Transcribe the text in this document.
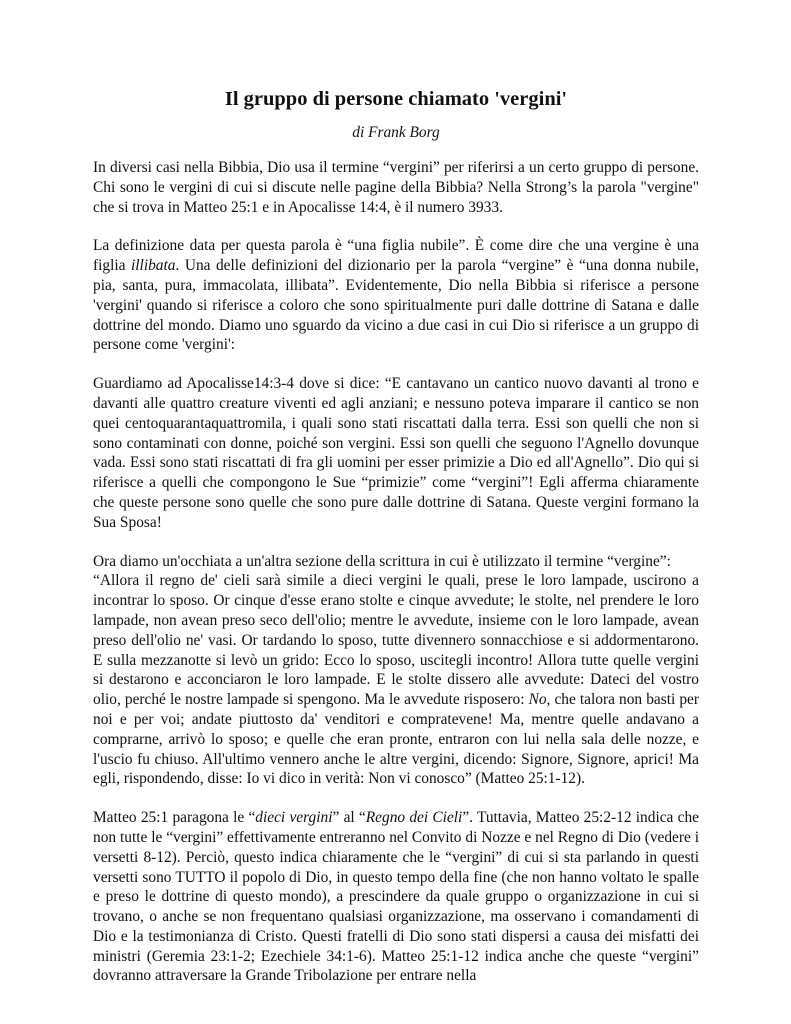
Il gruppo di persone chiamato 'vergini'
di Frank Borg

In diversi casi nella Bibbia, Dio usa il termine “vergini” per riferirsi a un certo gruppo di persone. Chi sono le vergini di cui si discute nelle pagine della Bibbia? Nella Strong’s la parola "vergine" che si trova in Matteo 25:1 e in Apocalisse 14:4, è il numero 3933.

La definizione data per questa parola è “una figlia nubile”. È come dire che una vergine è una figlia illibata. Una delle definizioni del dizionario per la parola “vergine” è “una donna nubile, pia, santa, pura, immacolata, illibata”. Evidentemente, Dio nella Bibbia si riferisce a persone 'vergini' quando si riferisce a coloro che sono spiritualmente puri dalle dottrine di Satana e dalle dottrine del mondo. Diamo uno sguardo da vicino a due casi in cui Dio si riferisce a un gruppo di persone come 'vergini':

Guardiamo ad Apocalisse14:3-4 dove si dice: “E cantavano un cantico nuovo davanti al trono e davanti alle quattro creature viventi ed agli anziani; e nessuno poteva imparare il cantico se non quei centoquarantaquattromila, i quali sono stati riscattati dalla terra. Essi son quelli che non si sono contaminati con donne, poiché son vergini. Essi son quelli che seguono l'Agnello dovunque vada. Essi sono stati riscattati di fra gli uomini per esser primizie a Dio ed all'Agnello”. Dio qui si riferisce a quelli che compongono le Sue “primizie” come “vergini”! Egli afferma chiaramente che queste persone sono quelle che sono pure dalle dottrine di Satana. Queste vergini formano la Sua Sposa!

Ora diamo un'occhiata a un'altra sezione della scrittura in cui è utilizzato il termine “vergine”:

“Allora il regno de' cieli sarà simile a dieci vergini le quali, prese le loro lampade, uscirono a incontrar lo sposo. Or cinque d'esse erano stolte e cinque avvedute; le stolte, nel prendere le loro lampade, non avean preso seco dell'olio; mentre le avvedute, insieme con le loro lampade, avean preso dell'olio ne' vasi. Or tardando lo sposo, tutte divennero sonnacchiose e si addormentarono. E sulla mezzanotte si levò un grido: Ecco lo sposo, uscitegli incontro! Allora tutte quelle vergini si destarono e acconciaron le loro lampade. E le stolte dissero alle avvedute: Dateci del vostro olio, perché le nostre lampade si spengono. Ma le avvedute risposero: No, che talora non basti per noi e per voi; andate piuttosto da' venditori e compratevene! Ma, mentre quelle andavano a comprarne, arrivò lo sposo; e quelle che eran pronte, entraron con lui nella sala delle nozze, e l'uscio fu chiuso. All'ultimo vennero anche le altre vergini, dicendo: Signore, Signore, aprici! Ma egli, rispondendo, disse: Io vi dico in verità: Non vi conosco” (Matteo 25:1-12).

Matteo 25:1 paragona le “dieci vergini” al “Regno dei Cieli”. Tuttavia, Matteo 25:2-12 indica che non tutte le “vergini” effettivamente entreranno nel Convito di Nozze e nel Regno di Dio (vedere i versetti 8-12). Perciò, questo indica chiaramente che le “vergini” di cui si sta parlando in questi versetti sono TUTTO il popolo di Dio, in questo tempo della fine (che non hanno voltato le spalle e preso le dottrine di questo mondo), a prescindere da quale gruppo o organizzazione in cui si trovano, o anche se non frequentano qualsiasi organizzazione, ma osservano i comandamenti di Dio e la testimonianza di Cristo. Questi fratelli di Dio sono stati dispersi a causa dei misfatti dei ministri (Geremia 23:1-2; Ezechiele 34:1-6). Matteo 25:1-12 indica anche che queste “vergini” dovranno attraversare la Grande Tribolazione per entrare nella
